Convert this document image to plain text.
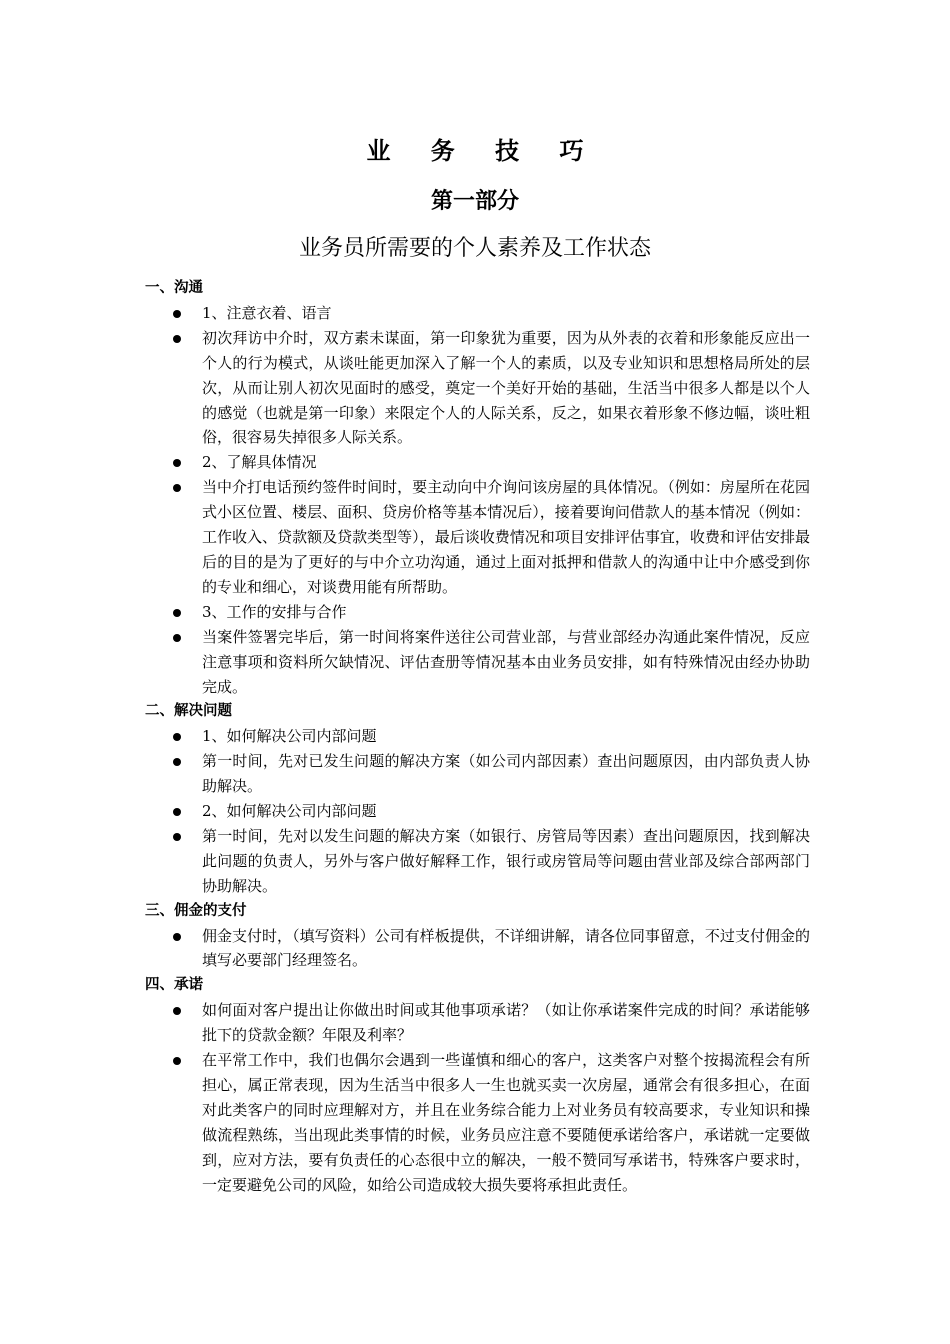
业 务 技 巧
第一部分
业务员所需要的个人素养及工作状态

一、沟通

1、注意衣着、语言
初次拜访中介时，双方素未谋面，第一印象犹为重要，因为从外表的衣着和形象能反应出一个人的行为模式，从谈吐能更加深入了解一个人的素质，以及专业知识和思想格局所处的层次，从而让别人初次见面时的感受，奠定一个美好开始的基础，生活当中很多人都是以个人的感觉（也就是第一印象）来限定个人的人际关系，反之，如果衣着形象不修边幅，谈吐粗俗，很容易失掉很多人际关系。
2、了解具体情况
当中介打电话预约签件时间时，要主动向中介询问该房屋的具体情况。（例如：房屋所在花园式小区位置、楼层、面积、贷房价格等基本情况后），接着要询问借款人的基本情况（例如：工作收入、贷款额及贷款类型等），最后谈收费情况和项目安排评估事宜，收费和评估安排最后的目的是为了更好的与中介立功沟通，通过上面对抵押和借款人的沟通中让中介感受到你的专业和细心，对谈费用能有所帮助。
3、工作的安排与合作
当案件签署完毕后，第一时间将案件送往公司营业部，与营业部经办沟通此案件情况，反应注意事项和资料所欠缺情况、评估查册等情况基本由业务员安排，如有特殊情况由经办协助完成。

二、解决问题

1、如何解决公司内部问题
第一时间，先对已发生问题的解决方案（如公司内部因素）查出问题原因，由内部负责人协助解决。
2、如何解决公司内部问题
第一时间，先对以发生问题的解决方案（如银行、房管局等因素）查出问题原因，找到解决此问题的负责人，另外与客户做好解释工作，银行或房管局等问题由营业部及综合部两部门协助解决。

三、佣金的支付

佣金支付时，（填写资料）公司有样板提供，不详细讲解，请各位同事留意，不过支付佣金的填写必要部门经理签名。

四、承诺

如何面对客户提出让你做出时间或其他事项承诺？（如让你承诺案件完成的时间？承诺能够批下的贷款金额？年限及利率？
在平常工作中，我们也偶尔会遇到一些谨慎和细心的客户，这类客户对整个按揭流程会有所担心，属正常表现，因为生活当中很多人一生也就买卖一次房屋，通常会有很多担心，在面对此类客户的同时应理解对方，并且在业务综合能力上对业务员有较高要求，专业知识和操做流程熟练，当出现此类事情的时候，业务员应注意不要随便承诺给客户，承诺就一定要做到，应对方法，要有负责任的心态很中立的解决，一般不赞同写承诺书，特殊客户要求时，一定要避免公司的风险，如给公司造成较大损失要将承担此责任。
